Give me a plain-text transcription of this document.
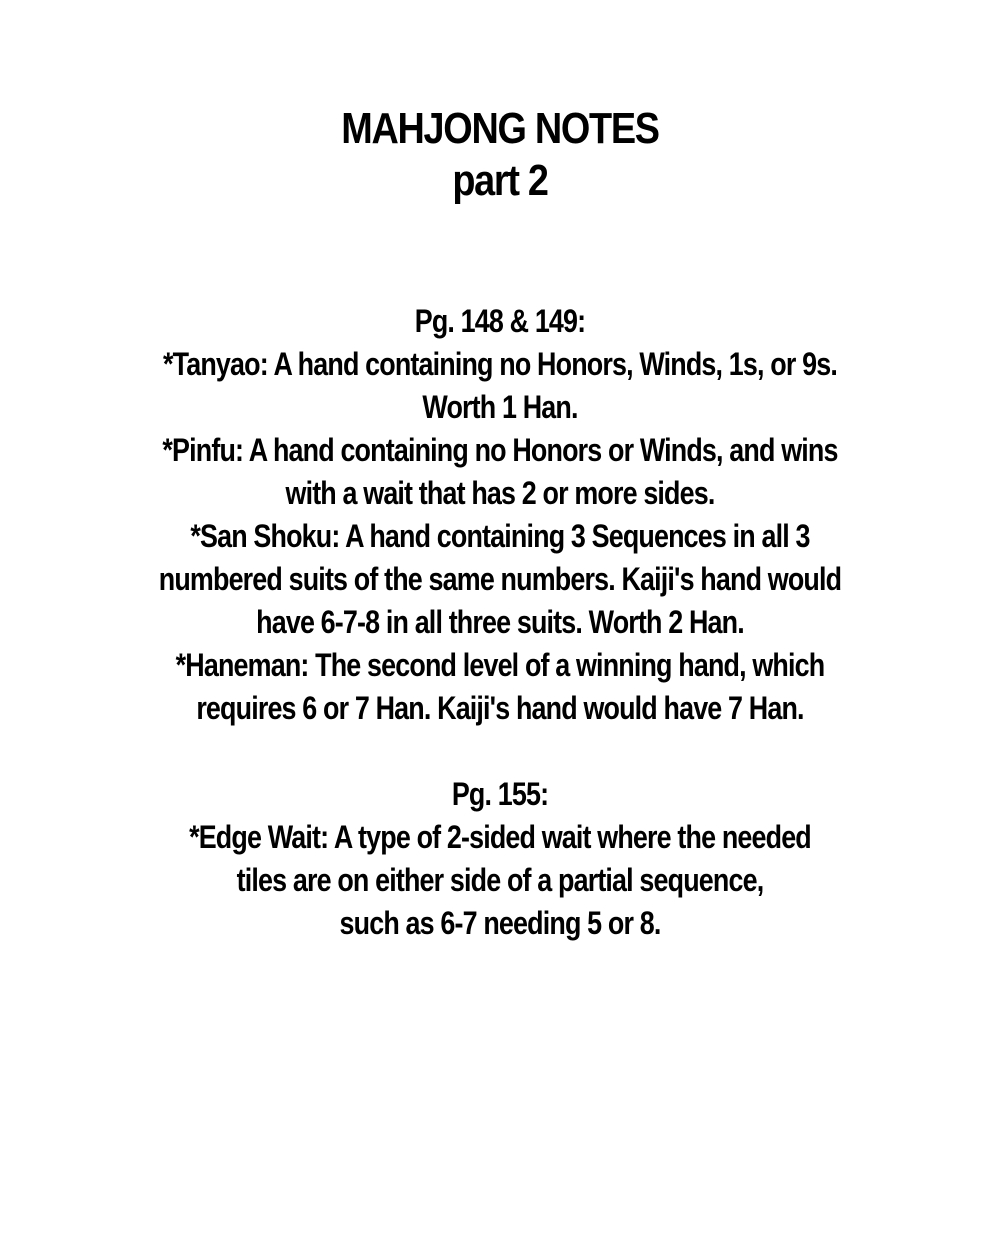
MAHJONG NOTES
part 2
Pg. 148 & 149:
*Tanyao: A hand containing no Honors, Winds, 1s, or 9s.
Worth 1 Han.
*Pinfu: A hand containing no Honors or Winds, and wins
with a wait that has 2 or more sides.
*San Shoku: A hand containing 3 Sequences in all 3
numbered suits of the same numbers. Kaiji's hand would
have 6-7-8 in all three suits. Worth 2 Han.
*Haneman: The second level of a winning hand, which
requires 6 or 7 Han. Kaiji's hand would have 7 Han.
Pg. 155:
*Edge Wait: A type of 2-sided wait where the needed
tiles are on either side of a partial sequence,
such as 6-7 needing 5 or 8.
